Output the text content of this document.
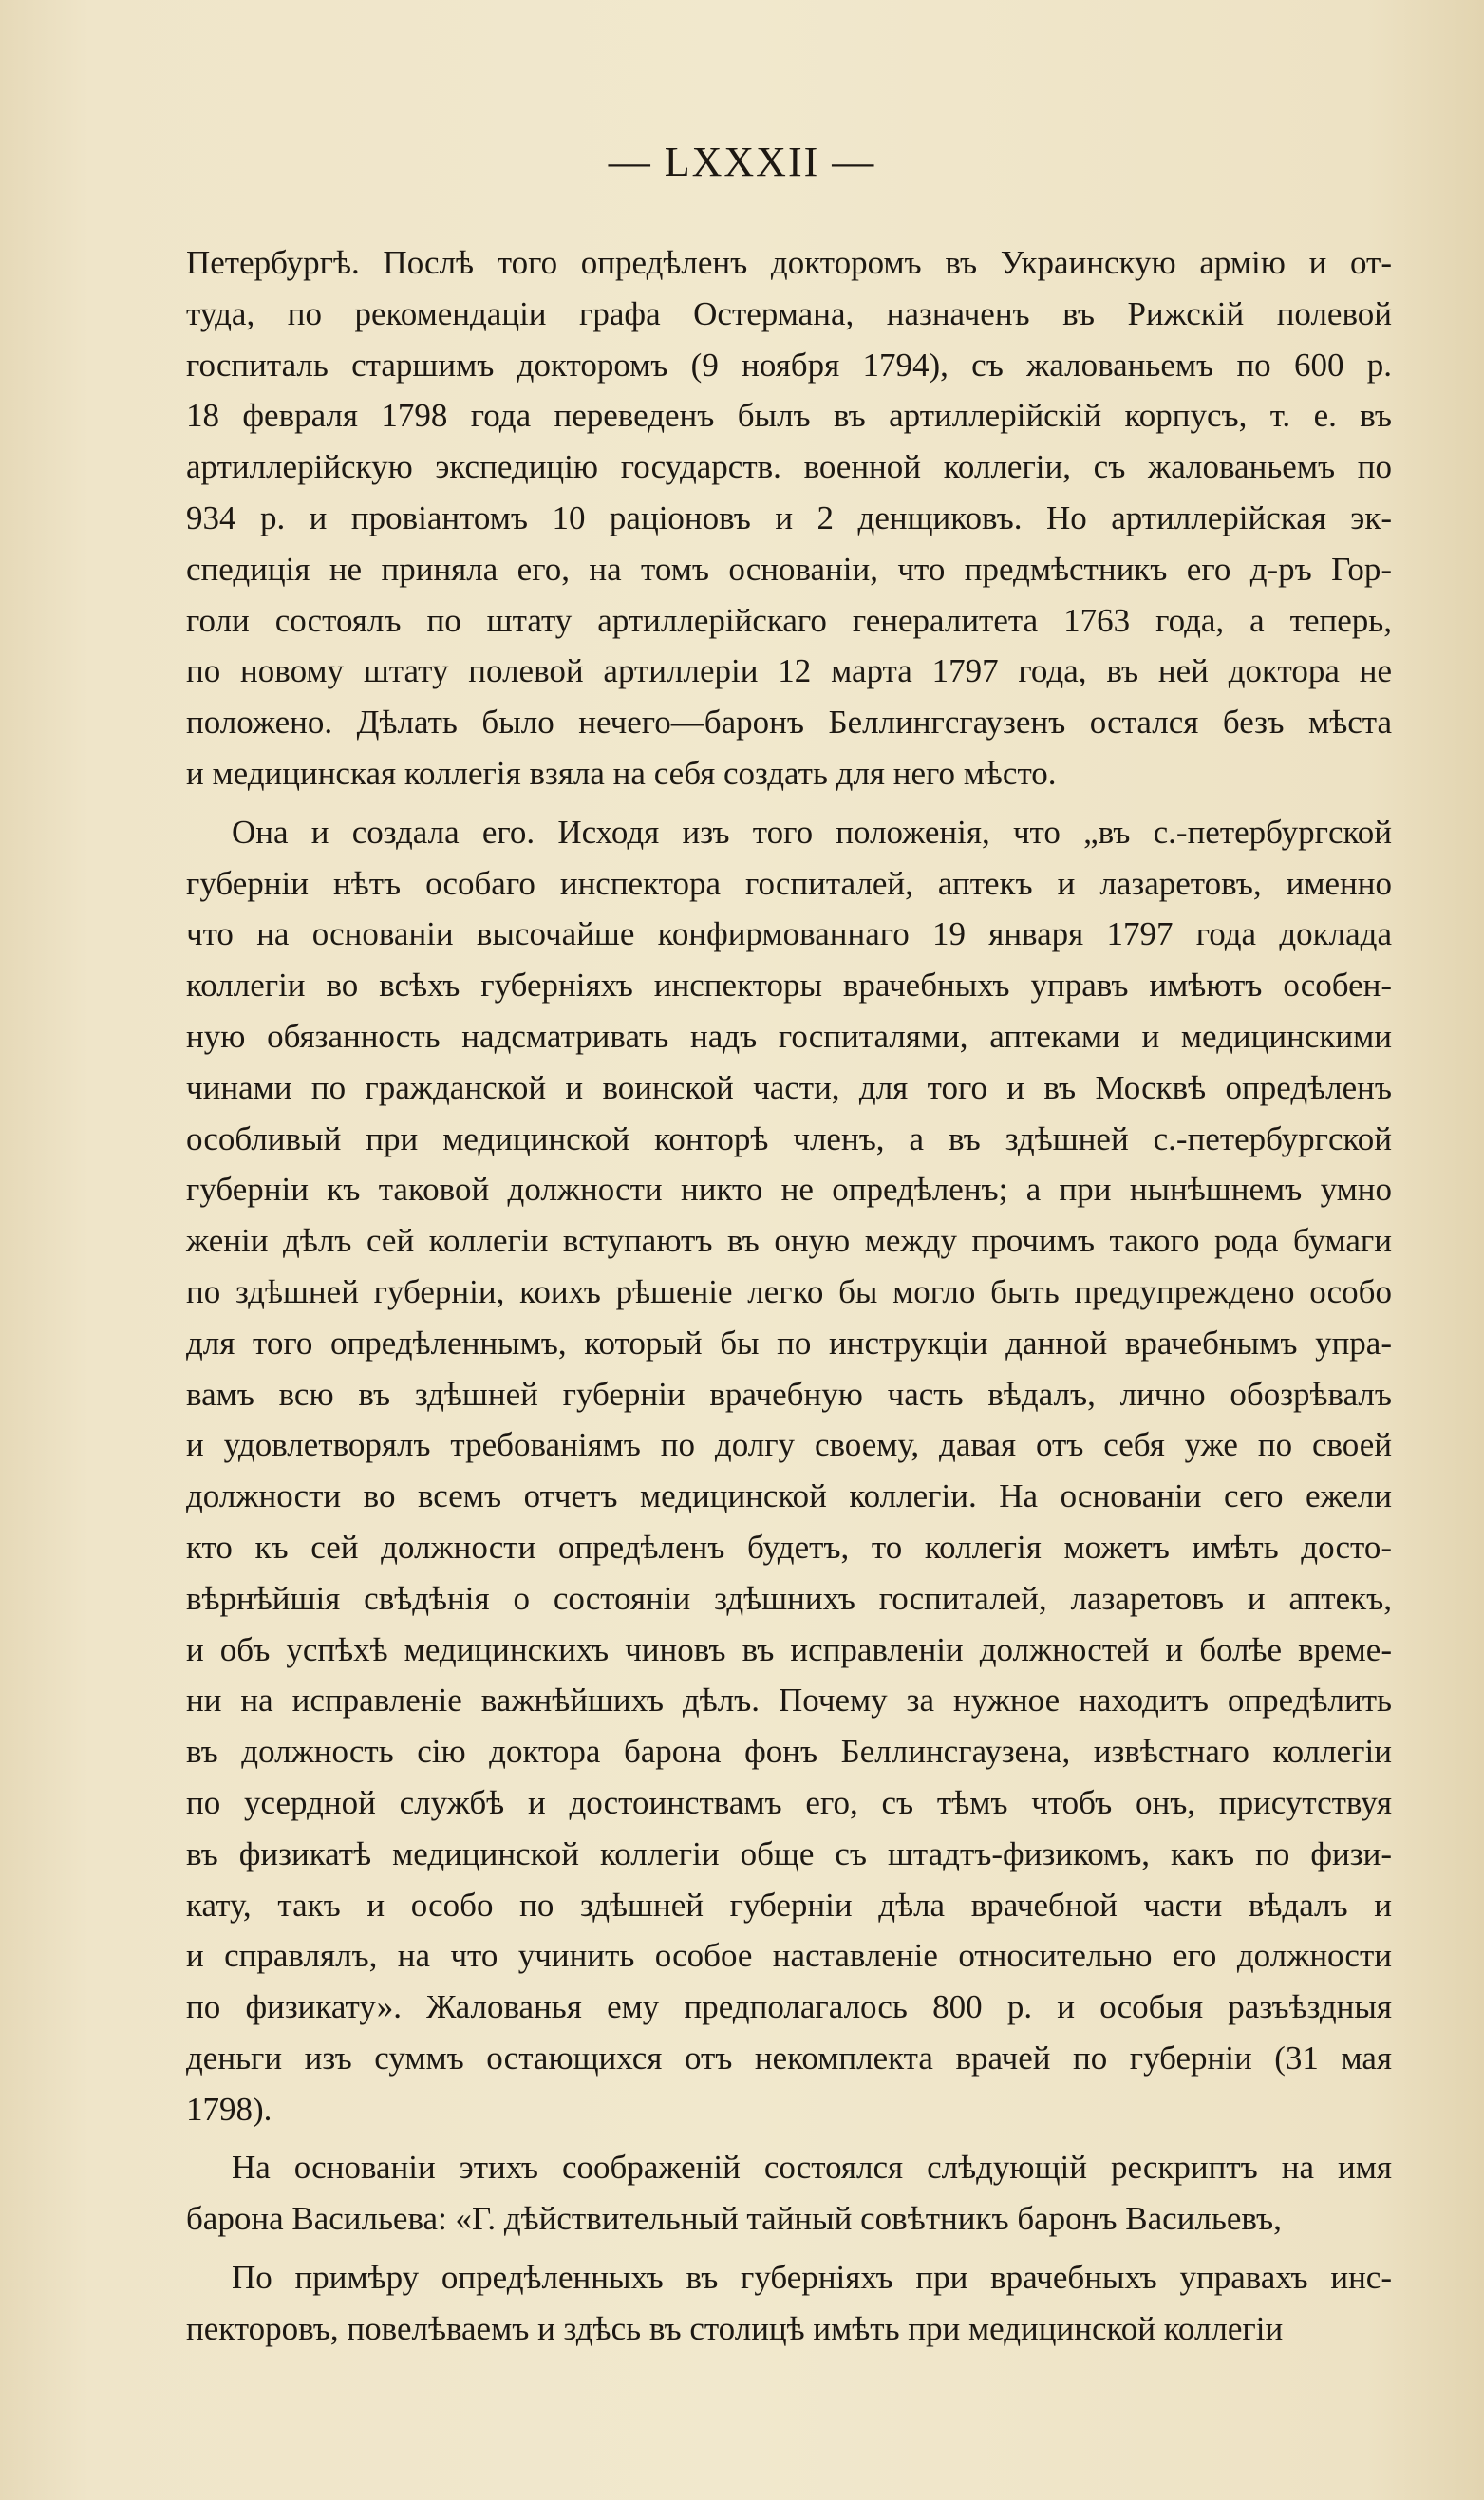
— LXXXII —
Петербургѣ. Послѣ того опредѣленъ докторомъ въ Украинскую армію и от-
туда, по рекомендаціи графа Остермана, назначенъ въ Рижскій полевой
госпиталь старшимъ докторомъ (9 ноября 1794), съ жалованьемъ по 600 р.
18 февраля 1798 года переведенъ былъ въ артиллерійскій корпусъ, т. е. въ
артиллерійскую экспедицію государств. военной коллегіи, съ жалованьемъ по
934 р. и провіантомъ 10 раціоновъ и 2 денщиковъ. Но артиллерійская эк-
спедиція не приняла его, на томъ основаніи, что предмѣстникъ его д-ръ Гор-
голи состоялъ по штату артиллерійскаго генералитета 1763 года, а теперь,
по новому штату полевой артиллеріи 12 марта 1797 года, въ ней доктора не
положено. Дѣлать было нечего—баронъ Беллингсгаузенъ остался безъ мѣста
и медицинская коллегія взяла на себя создать для него мѣсто.
Она и создала его. Исходя изъ того положенія, что „въ с.-петербургской
губерніи нѣтъ особаго инспектора госпиталей, аптекъ и лазаретовъ, именно
что на основаніи высочайше конфирмованнаго 19 января 1797 года доклада
коллегіи во всѣхъ губерніяхъ инспекторы врачебныхъ управъ имѣютъ особен-
ную обязанность надсматривать надъ госпиталями, аптеками и медицинскими
чинами по гражданской и воинской части, для того и въ Москвѣ опредѣленъ
особливый при медицинской конторѣ членъ, а въ здѣшней с.-петербургской
губерніи къ таковой должности никто не опредѣленъ; а при нынѣшнемъ умно
женіи дѣлъ сей коллегіи вступаютъ въ оную между прочимъ такого рода бумаги
по здѣшней губерніи, коихъ рѣшеніе легко бы могло быть предупреждено особо
для того опредѣленнымъ, который бы по инструкціи данной врачебнымъ упра-
вамъ всю въ здѣшней губерніи врачебную часть вѣдалъ, лично обозрѣвалъ
и удовлетворялъ требованіямъ по долгу своему, давая отъ себя уже по своей
должности во всемъ отчетъ медицинской коллегіи. На основаніи сего ежели
кто къ сей должности опредѣленъ будетъ, то коллегія можетъ имѣть досто-
вѣрнѣйшія свѣдѣнія о состояніи здѣшнихъ госпиталей, лазаретовъ и аптекъ,
и объ успѣхѣ медицинскихъ чиновъ въ исправленіи должностей и болѣе време-
ни на исправленіе важнѣйшихъ дѣлъ. Почему за нужное находитъ опредѣлить
въ должность сію доктора барона фонъ Беллинсгаузена, извѣстнаго коллегіи
по усердной службѣ и достоинствамъ его, съ тѣмъ чтобъ онъ, присутствуя
въ физикатѣ медицинской коллегіи обще съ штадтъ-физикомъ, какъ по физи-
кату, такъ и особо по здѣшней губерніи дѣла врачебной части вѣдалъ и
и справлялъ, на что учинить особое наставленіе относительно его должности
по физикату». Жалованья ему предполагалось 800 р. и особыя разъѣздныя
деньги изъ суммъ остающихся отъ некомплекта врачей по губерніи (31 мая
1798).
На основаніи этихъ соображеній состоялся слѣдующій рескриптъ на имя
барона Васильева: «Г. дѣйствительный тайный совѣтникъ баронъ Васильевъ,
По примѣру опредѣленныхъ въ губерніяхъ при врачебныхъ управахъ инс-
пекторовъ, повелѣваемъ и здѣсь въ столицѣ имѣть при медицинской коллегіи
